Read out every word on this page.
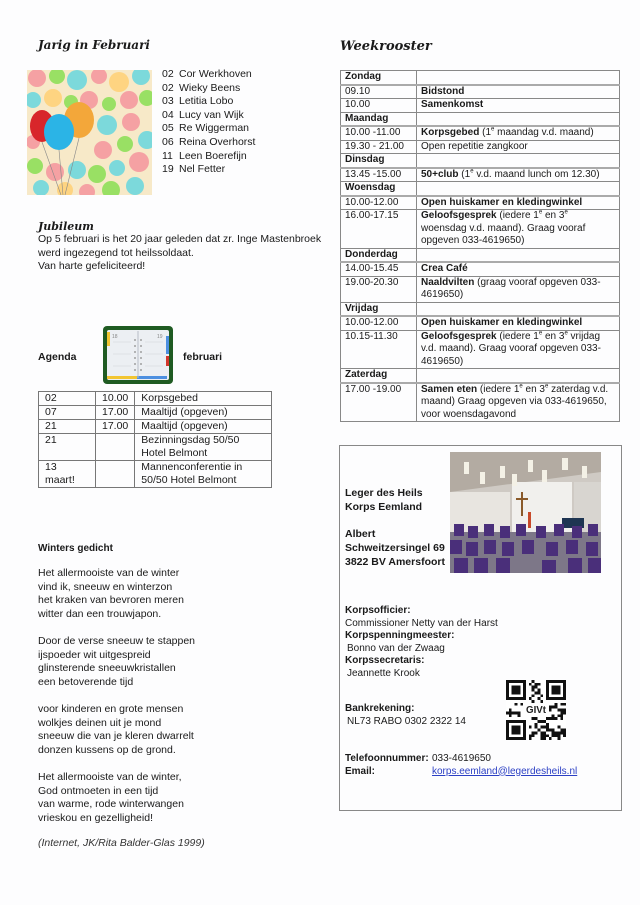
Jarig in Februari
02 Cor Werkhoven
02 Wieky Beens
03 Letitia Lobo
04 Lucy van Wijk
05 Re Wiggerman
06 Reina Overhorst
11 Leen Boerefijn
19 Nel Fetter
Jubileum
Op 5 februari is het 20 jaar geleden dat zr. Inge Mastenbroek
werd ingezegend tot heilssoldaat.
Van harte gefeliciteerd!
Agenda
18	19
februari
02	10.00	Korpsgebed
07	17.00	Maaltijd (opgeven)
21	17.00	Maaltijd (opgeven)
21		Bezinningsdag 50/50 Hotel Belmont
13 maart!		Mannenconferentie in 50/50 Hotel Belmont
Winters gedicht
Het allermooiste van de winter
vind ik, sneeuw en winterzon
het kraken van bevroren meren
witter dan een trouwjapon.
Door de verse sneeuw te stappen
ijspoeder wit uitgespreid
glinsterende sneeuwkristallen
een betoverende tijd
voor kinderen en grote mensen
wolkjes deinen uit je mond
sneeuw die van je kleren dwarrelt
donzen kussens op de grond.
Het allermooiste van de winter,
God ontmoeten in een tijd
van warme, rode winterwangen
vrieskou en gezelligheid!
(Internet, JK/Rita Balder-Glas 1999)
Weekrooster
Zondag	
09.10	Bidstond
10.00	Samenkomst
Maandag	
10.00 -11.00	Korpsgebed (1e maandag v.d. maand)
19.30 - 21.00	Open repetitie zangkoor
Dinsdag	
13.45 -15.00	50+club (1e v.d. maand lunch om 12.30)
Woensdag	
10.00-12.00	Open huiskamer en kledingwinkel
16.00-17.15	Geloofsgesprek (iedere 1e en 3e woensdag v.d. maand). Graag vooraf opgeven 033-4619650)
Donderdag	
14.00-15.45	Crea Café
19.00-20.30	Naaldvilten (graag vooraf opgeven 033-4619650)
Vrijdag	
10.00-12.00	Open huiskamer en kledingwinkel
10.15-11.30	Geloofsgesprek (iedere 1e en 3e vrijdag v.d. maand). Graag vooraf opgeven 033-4619650)
Zaterdag	
17.00 -19.00	Samen eten (iedere 1e en 3e zaterdag v.d. maand) Graag opgeven via 033-4619650, voor woensdagavond
Leger des Heils
Korps Eemland
Albert
Schweitzersingel 69
3822 BV Amersfoort
Korpsofficier:
Commissioner Netty van der Harst
Korpspenningmeester:
Bonno van der Zwaag
Korpssecretaris:
Jeannette Krook
Bankrekening:
NL73 RABO 0302 2322 14
GIVt
Telefoonnummer: 033-4619650
Email:	korps.eemland@legerdesheils.nl
